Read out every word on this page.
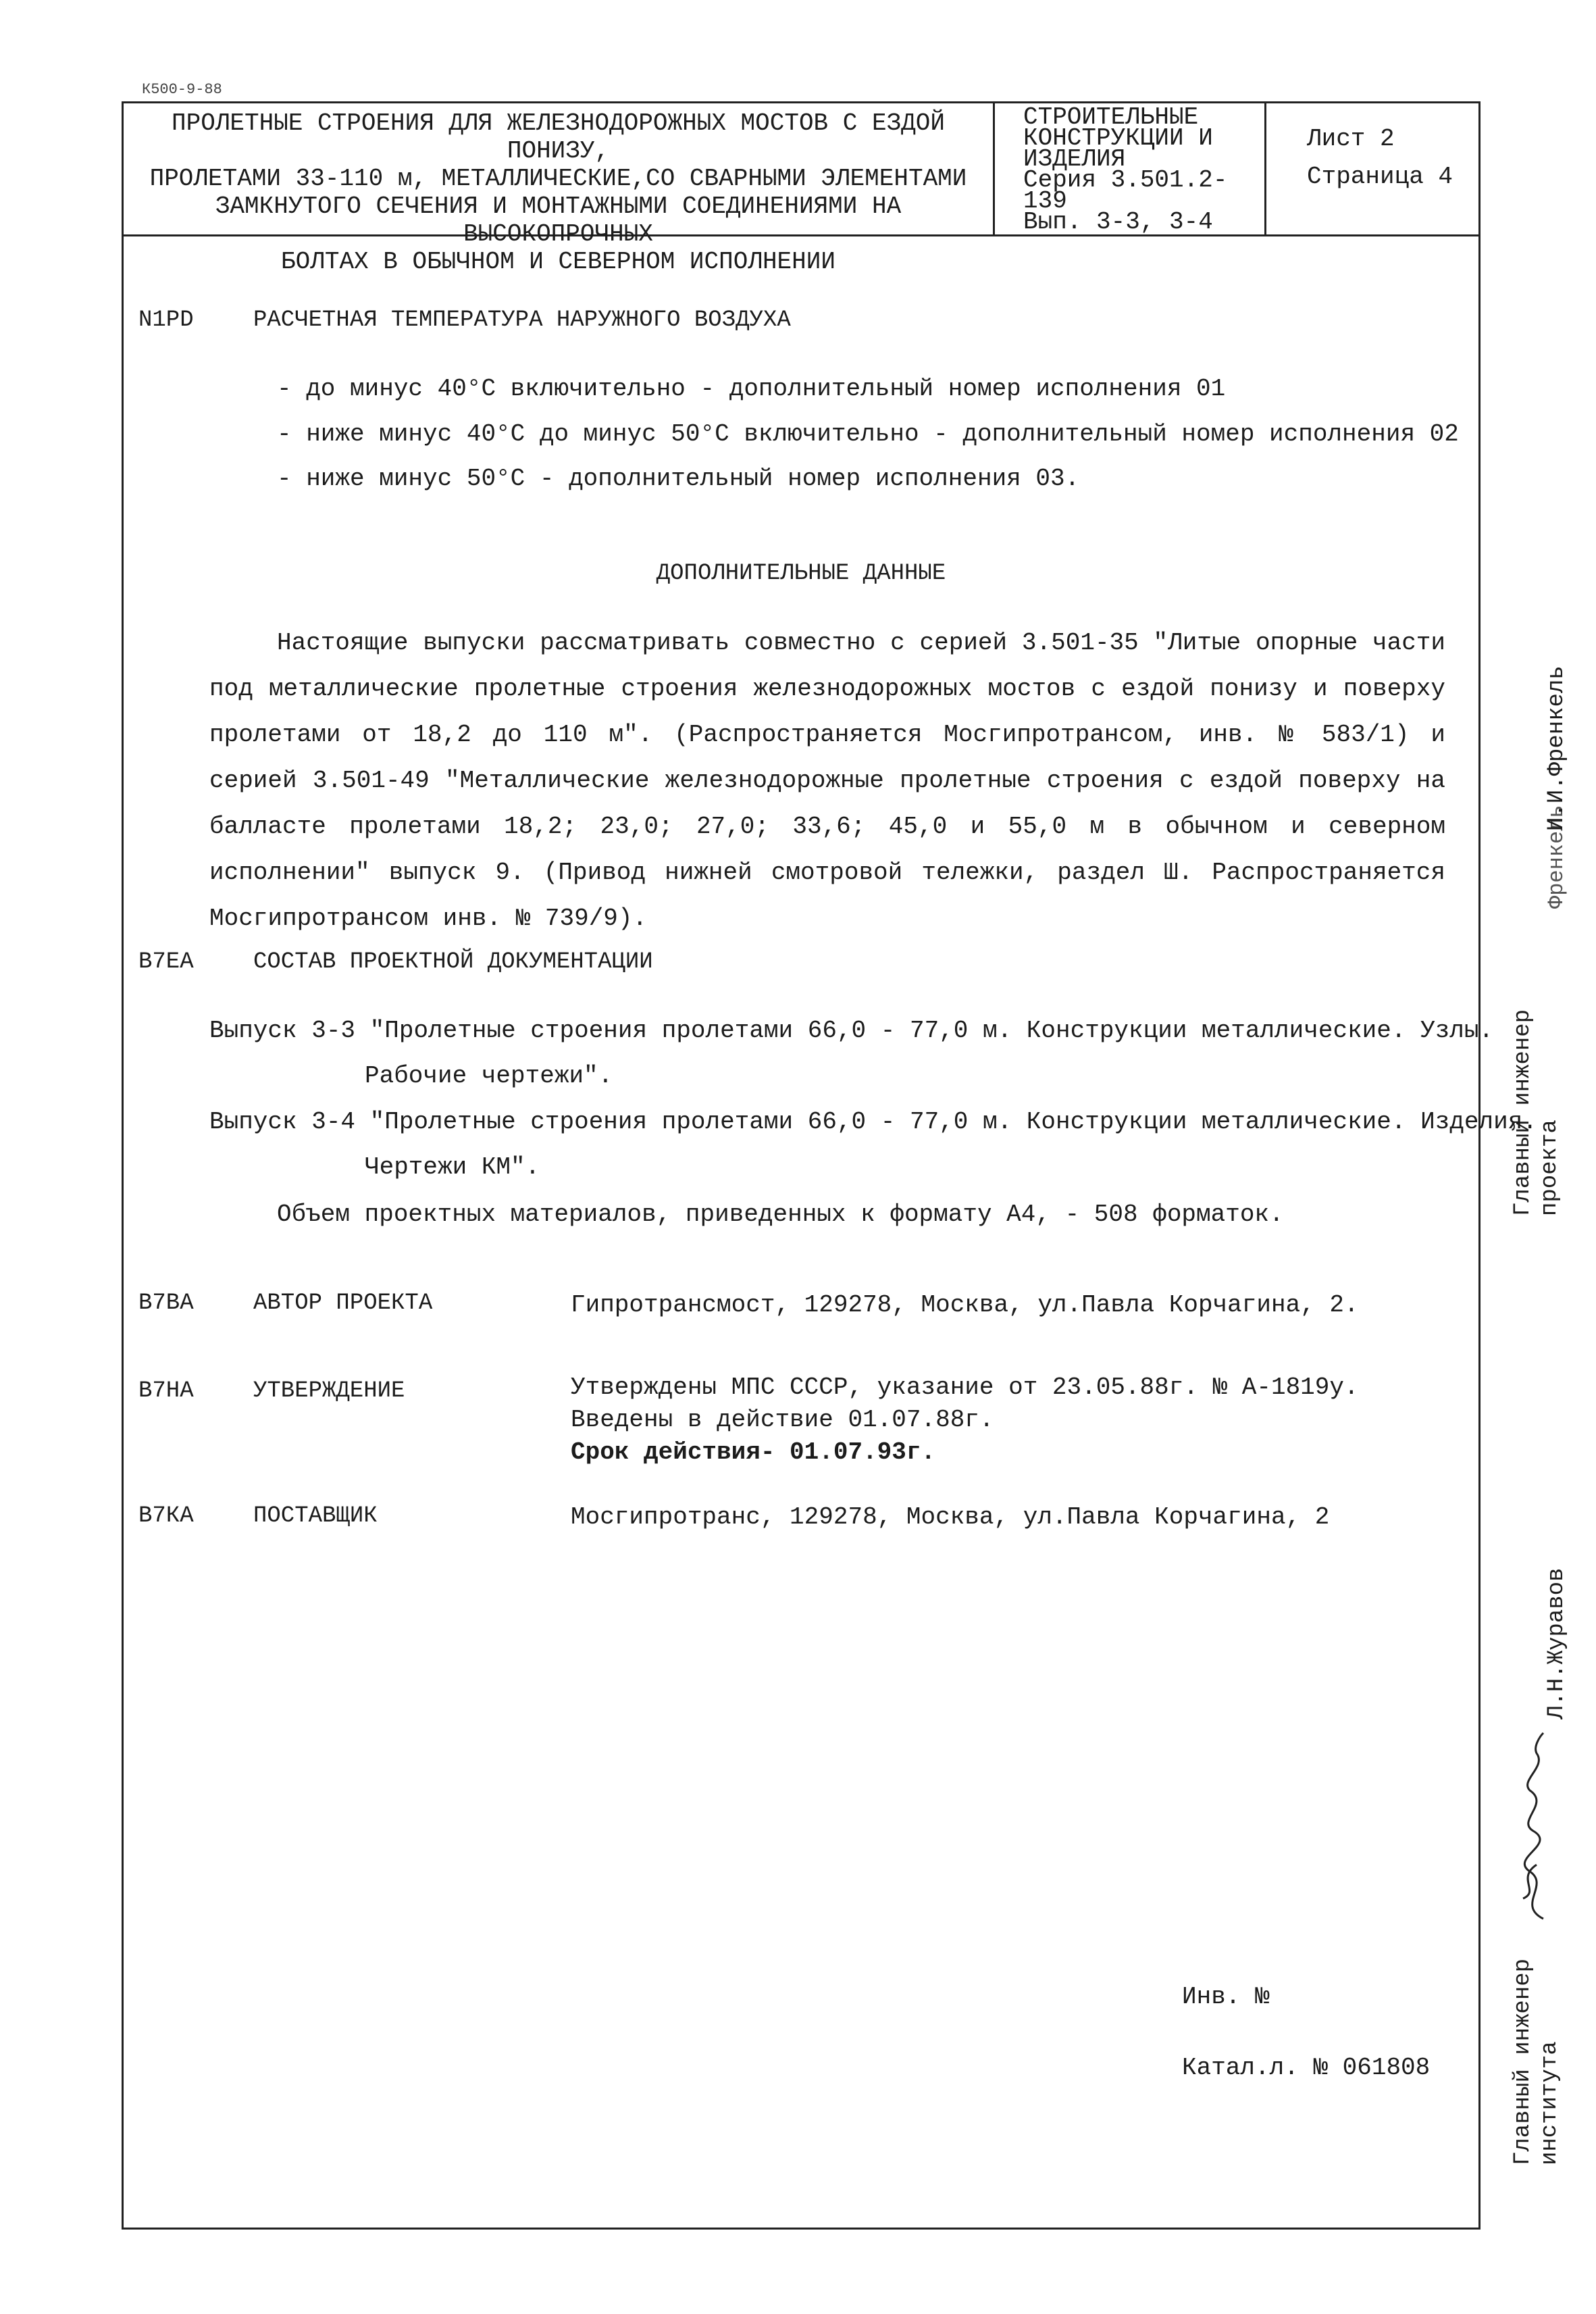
К500-9-88
ПРОЛЕТНЫЕ СТРОЕНИЯ ДЛЯ ЖЕЛЕЗНОДОРОЖНЫХ МОСТОВ С ЕЗДОЙ ПОНИЗУ,
ПРОЛЕТАМИ 33-110 м, МЕТАЛЛИЧЕСКИЕ,СО СВАРНЫМИ ЭЛЕМЕНТАМИ
ЗАМКНУТОГО СЕЧЕНИЯ И МОНТАЖНЫМИ СОЕДИНЕНИЯМИ НА ВЫСОКОПРОЧНЫХ
БОЛТАХ В ОБЫЧНОМ И СЕВЕРНОМ ИСПОЛНЕНИИ
СТРОИТЕЛЬНЫЕ
КОНСТРУКЦИИ И
ИЗДЕЛИЯ
Серия 3.501.2-139
Вып. 3-3, 3-4
Лист 2
Страница 4
N1РD	РАСЧЕТНАЯ ТЕМПЕРАТУРА НАРУЖНОГО ВОЗДУХА
- до минус 40°С включительно - дополнительный номер исполнения 01
- ниже минус 40°С до минус 50°С включительно - дополнительный номер исполнения 02
- ниже минус 50°С - дополнительный номер исполнения 03.
ДОПОЛНИТЕЛЬНЫЕ ДАННЫЕ
Настоящие выпуски рассматривать совместно с серией 3.501-35 "Литые опорные части под металлические пролетные строения железнодорожных мостов с ездой понизу и поверху пролетами от 18,2 до 110 м". (Распространяется Мосгипротрансом, инв. № 583/1) и серией 3.501-49 "Металлические железнодорожные пролетные строения с ездой поверху на балласте пролетами 18,2; 23,0; 27,0; 33,6; 45,0 и 55,0 м в обычном и северном исполнении" выпуск 9. (Привод нижней смотровой тележки, раздел Ш. Распространяется Мосгипротрансом инв. № 739/9).
В7ЕА	СОСТАВ ПРОЕКТНОЙ ДОКУМЕНТАЦИИ
Выпуск 3-3 "Пролетные строения пролетами 66,0 - 77,0 м. Конструкции металлические. Узлы.
Рабочие чертежи".
Выпуск 3-4 "Пролетные строения пролетами 66,0 - 77,0 м. Конструкции металлические. Изделия.
Чертежи КМ".
Объем проектных материалов, приведенных к формату А4, - 508 форматок.
В7ВА	АВТОР ПРОЕКТА	Гипротрансмост, 129278, Москва, ул.Павла Корчагина, 2.
В7НА	УТВЕРЖДЕНИЕ	Утверждены МПС СССР, указание от 23.05.88г. № А-1819у.
Введены в действие 01.07.88г.
Срок действия- 01.07.93г.
В7КА	ПОСТАВЩИК	Мосгипротранс, 129278, Москва, ул.Павла Корчагина, 2
Инв. №
Катал.л. № 061808
Главный инженер проекта
Френкель
И.И.Френкель
Главный инженер института
Л.Н.Журавов
